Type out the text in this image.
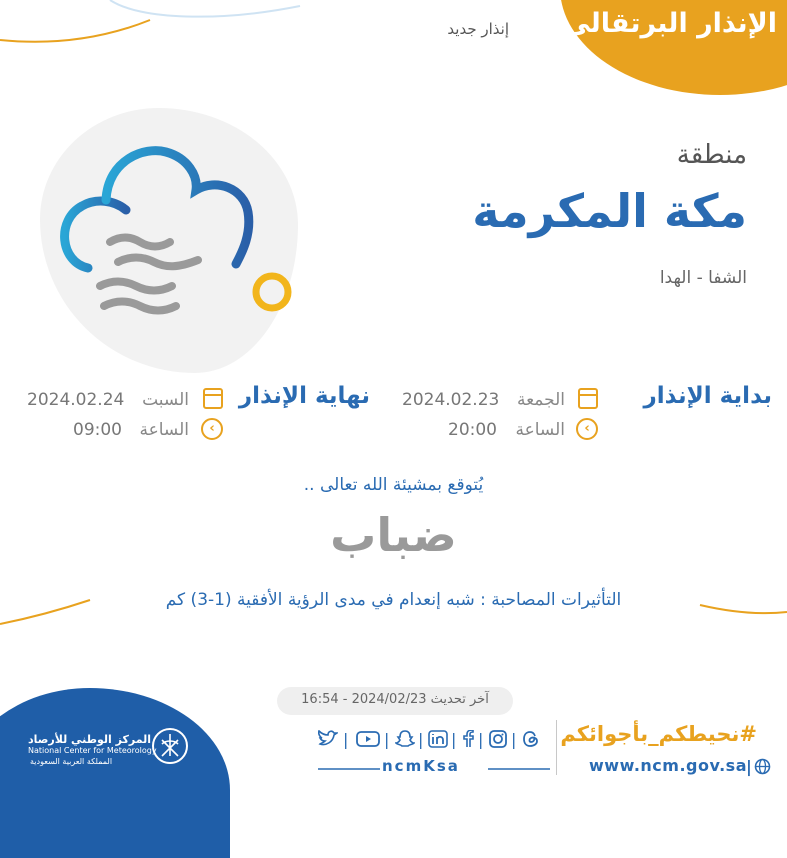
الإنذار البرتقالي
إنذار جديد
منطقة
مكة المكرمة
الشفا - الهدا
بداية الإنذار
الجمعة
2024.02.23
‹
الساعة
20:00
نهاية الإنذار
السبت
2024.02.24
‹
الساعة
09:00
يُتوقع بمشيئة الله تعالى ..
ضباب
التأثيرات المصاحبة : شبه إنعدام في مدى الرؤية الأفقية (1-3) كم
آخر تحديث 2024/02/23 - 16:54
المركز الوطني للأرصاد
National Center for Meteorology
المملكة العربية السعودية
| | | | | |
ncmKsa
#نحيطكم_بأجوائكم
www.ncm.gov.sa |
